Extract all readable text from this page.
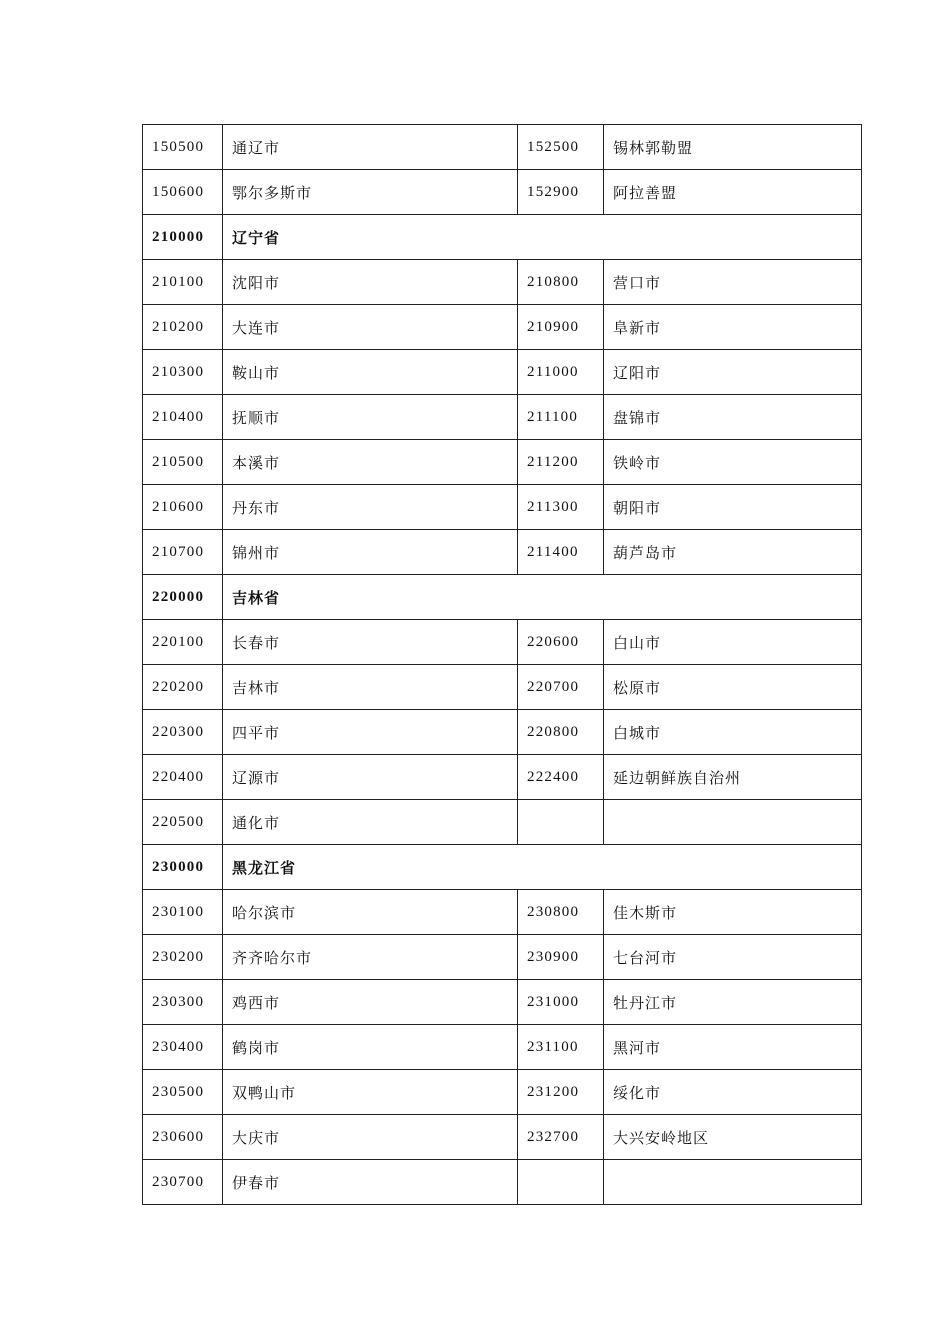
150500	通辽市	152500	锡林郭勒盟
150600	鄂尔多斯市	152900	阿拉善盟
210000	辽宁省		
210100	沈阳市	210800	营口市
210200	大连市	210900	阜新市
210300	鞍山市	211000	辽阳市
210400	抚顺市	211100	盘锦市
210500	本溪市	211200	铁岭市
210600	丹东市	211300	朝阳市
210700	锦州市	211400	葫芦岛市
220000	吉林省		
220100	长春市	220600	白山市
220200	吉林市	220700	松原市
220300	四平市	220800	白城市
220400	辽源市	222400	延边朝鲜族自治州
220500	通化市		
230000	黑龙江省		
230100	哈尔滨市	230800	佳木斯市
230200	齐齐哈尔市	230900	七台河市
230300	鸡西市	231000	牡丹江市
230400	鹤岗市	231100	黑河市
230500	双鸭山市	231200	绥化市
230600	大庆市	232700	大兴安岭地区
230700	伊春市		
